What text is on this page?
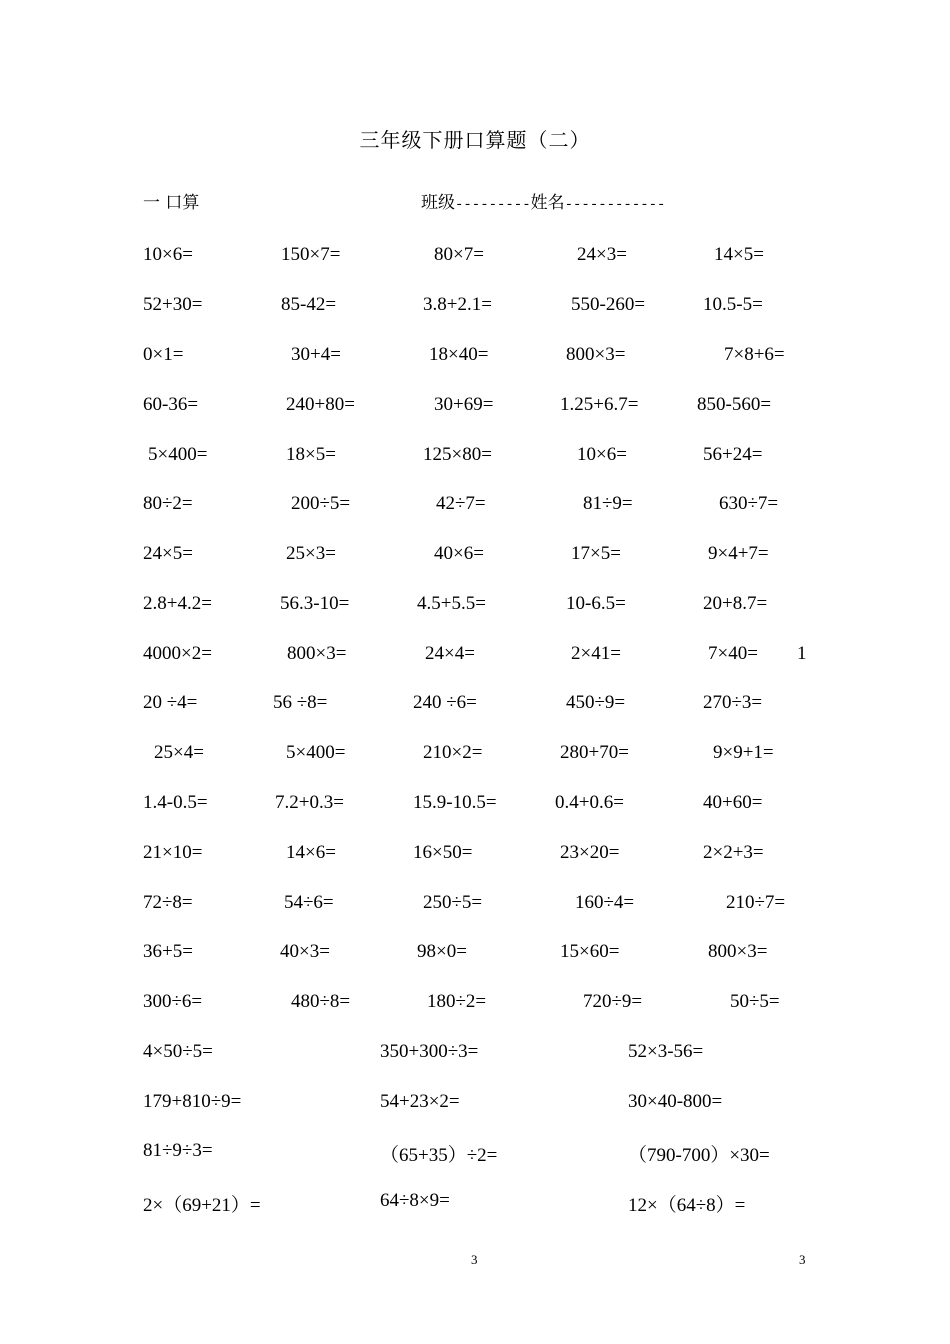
三年级下册口算题（二）
一 口算	班级---------姓名------------
10×6=	150×7=	80×7=	24×3=	14×5=
52+30=	85-42=	3.8+2.1=	550-260=	10.5-5=
0×1=	30+4=	18×40=	800×3=	7×8+6=
60-36=	240+80=	30+69=	1.25+6.7=	850-560=
5×400=	18×5=	125×80=	10×6=	56+24=
80÷2=	200÷5=	42÷7=	81÷9=	630÷7=
24×5=	25×3=	40×6=	17×5=	9×4+7=
2.8+4.2=	56.3-10=	4.5+5.5=	10-6.5=	20+8.7=
4000×2=	800×3=	24×4=	2×41=	7×40= 1
20 ÷4=	56 ÷8=	240 ÷6=	450÷9=	270÷3=
25×4=	5×400=	210×2=	280+70=	9×9+1=
1.4-0.5=	7.2+0.3=	15.9-10.5=	0.4+0.6=	40+60=
21×10=	14×6=	16×50=	23×20=	2×2+3=
72÷8=	54÷6=	250÷5=	160÷4=	210÷7=
36+5=	40×3=	98×0=	15×60=	800×3=
300÷6=	480÷8=	180÷2=	720÷9=	50÷5=
4×50÷5=	350+300÷3=	52×3-56=
179+810÷9=	54+23×2=	30×40-800=
81÷9÷3=	（65+35）÷2=	（790-700）×30=
2×（69+21）=	64÷8×9=	12×（64÷8）=
3	3
